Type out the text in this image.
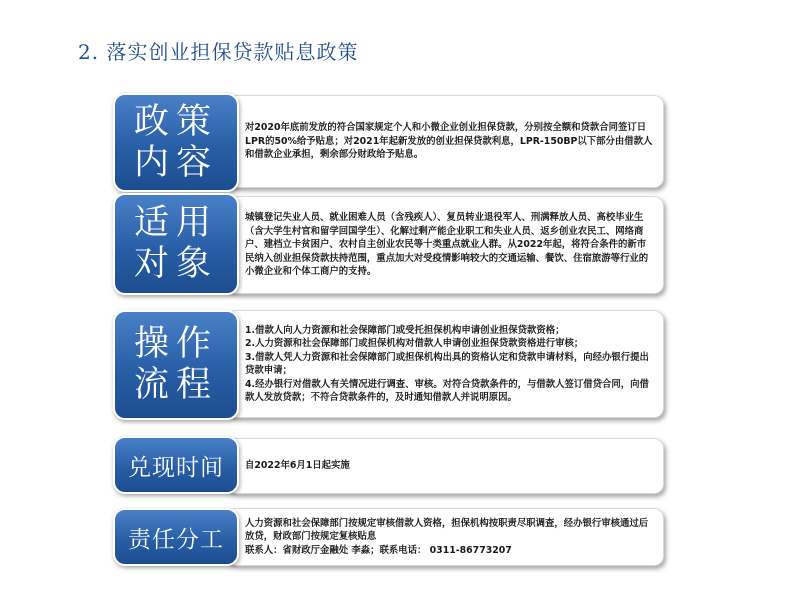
2. 落实创业担保贷款贴息政策
对2020年底前发放的符合国家规定个人和小微企业创业担保贷款，分别按全额和贷款合同签订日LPR的50%给予贴息；对2021年起新发放的创业担保贷款利息，LPR-150BP以下部分由借款人和借款企业承担，剩余部分财政给予贴息。
政策内容
城镇登记失业人员、就业困难人员（含残疾人）、复员转业退役军人、刑满释放人员、高校毕业生（含大学生村官和留学回国学生）、化解过剩产能企业职工和失业人员、返乡创业农民工、网络商户、建档立卡贫困户、农村自主创业农民等十类重点就业人群。从2022年起，将符合条件的新市民纳入创业担保贷款扶持范围，重点加大对受疫情影响较大的交通运输、餐饮、住宿旅游等行业的小微企业和个体工商户的支持。
适用对象
1.借款人向人力资源和社会保障部门或受托担保机构申请创业担保贷款资格；
2.人力资源和社会保障部门或担保机构对借款人申请创业担保贷款资格进行审核；
3.借款人凭人力资源和社会保障部门或担保机构出具的资格认定和贷款申请材料，向经办银行提出贷款申请；
4.经办银行对借款人有关情况进行调查、审核。对符合贷款条件的，与借款人签订借贷合同，向借款人发放贷款；不符合贷款条件的，及时通知借款人并说明原因。
操作流程
自2022年6月1日起实施
兑现时间
人力资源和社会保障部门按规定审核借款人资格，担保机构按职责尽职调查，经办银行审核通过后放贷，财政部门按规定复核贴息
联系人：省财政厅金融处 李淼；联系电话： 0311-86773207
责任分工
